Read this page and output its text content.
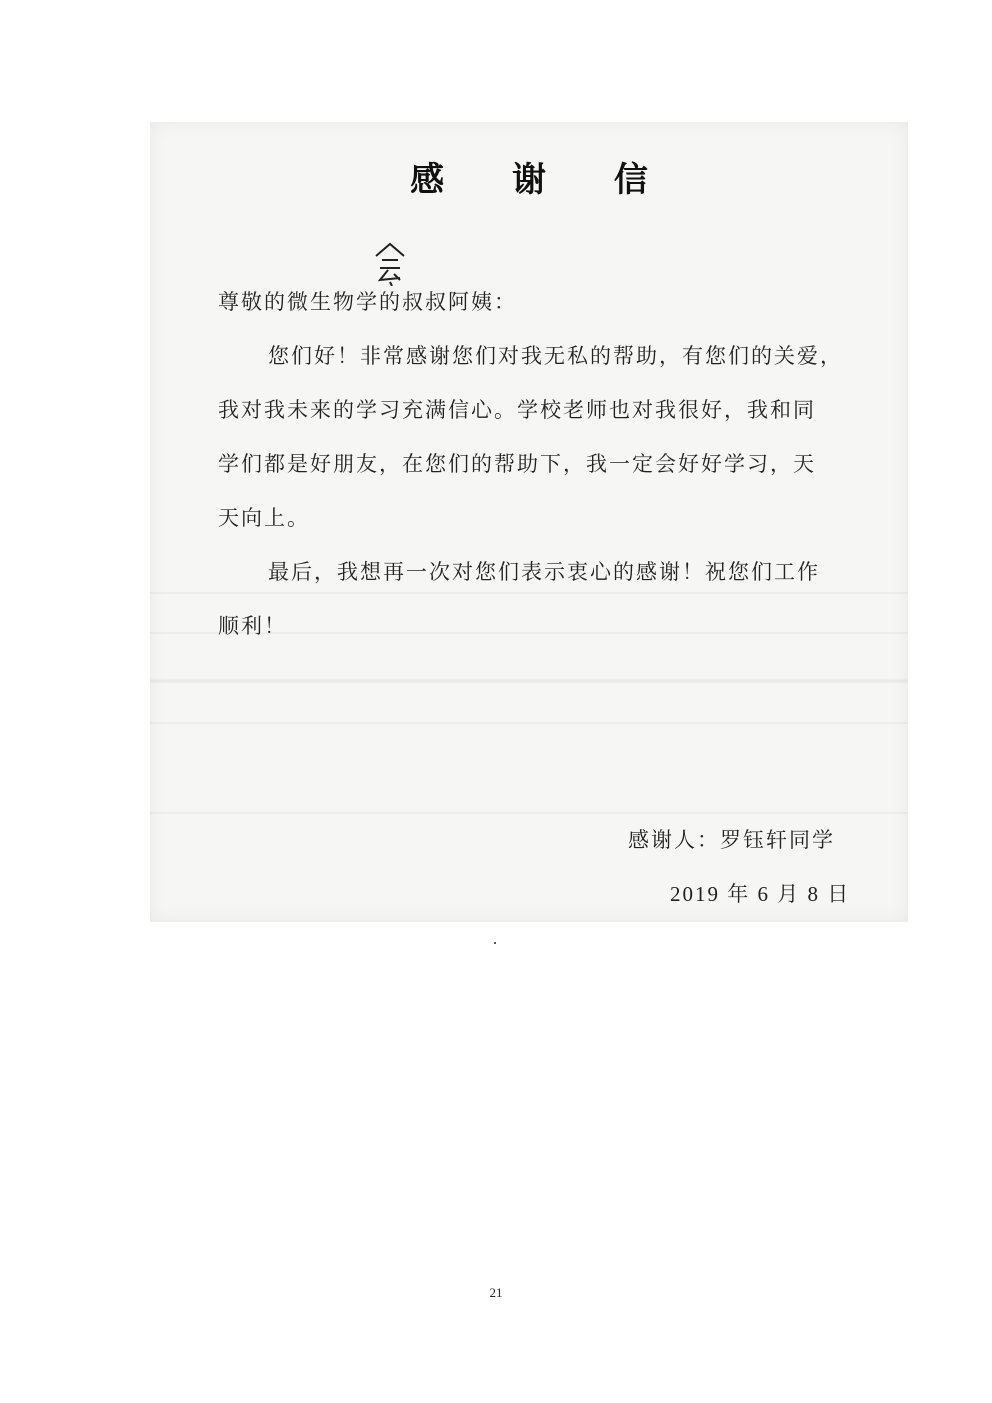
感 谢 信
尊敬的微生物学的叔叔阿姨：
您们好！非常感谢您们对我无私的帮助，有您们的关爱，
我对我未来的学习充满信心。学校老师也对我很好，我和同
学们都是好朋友，在您们的帮助下，我一定会好好学习，天
天向上。
最后，我想再一次对您们表示衷心的感谢！祝您们工作
顺利！
感谢人：罗钰轩同学
2019 年 6 月 8 日
21
